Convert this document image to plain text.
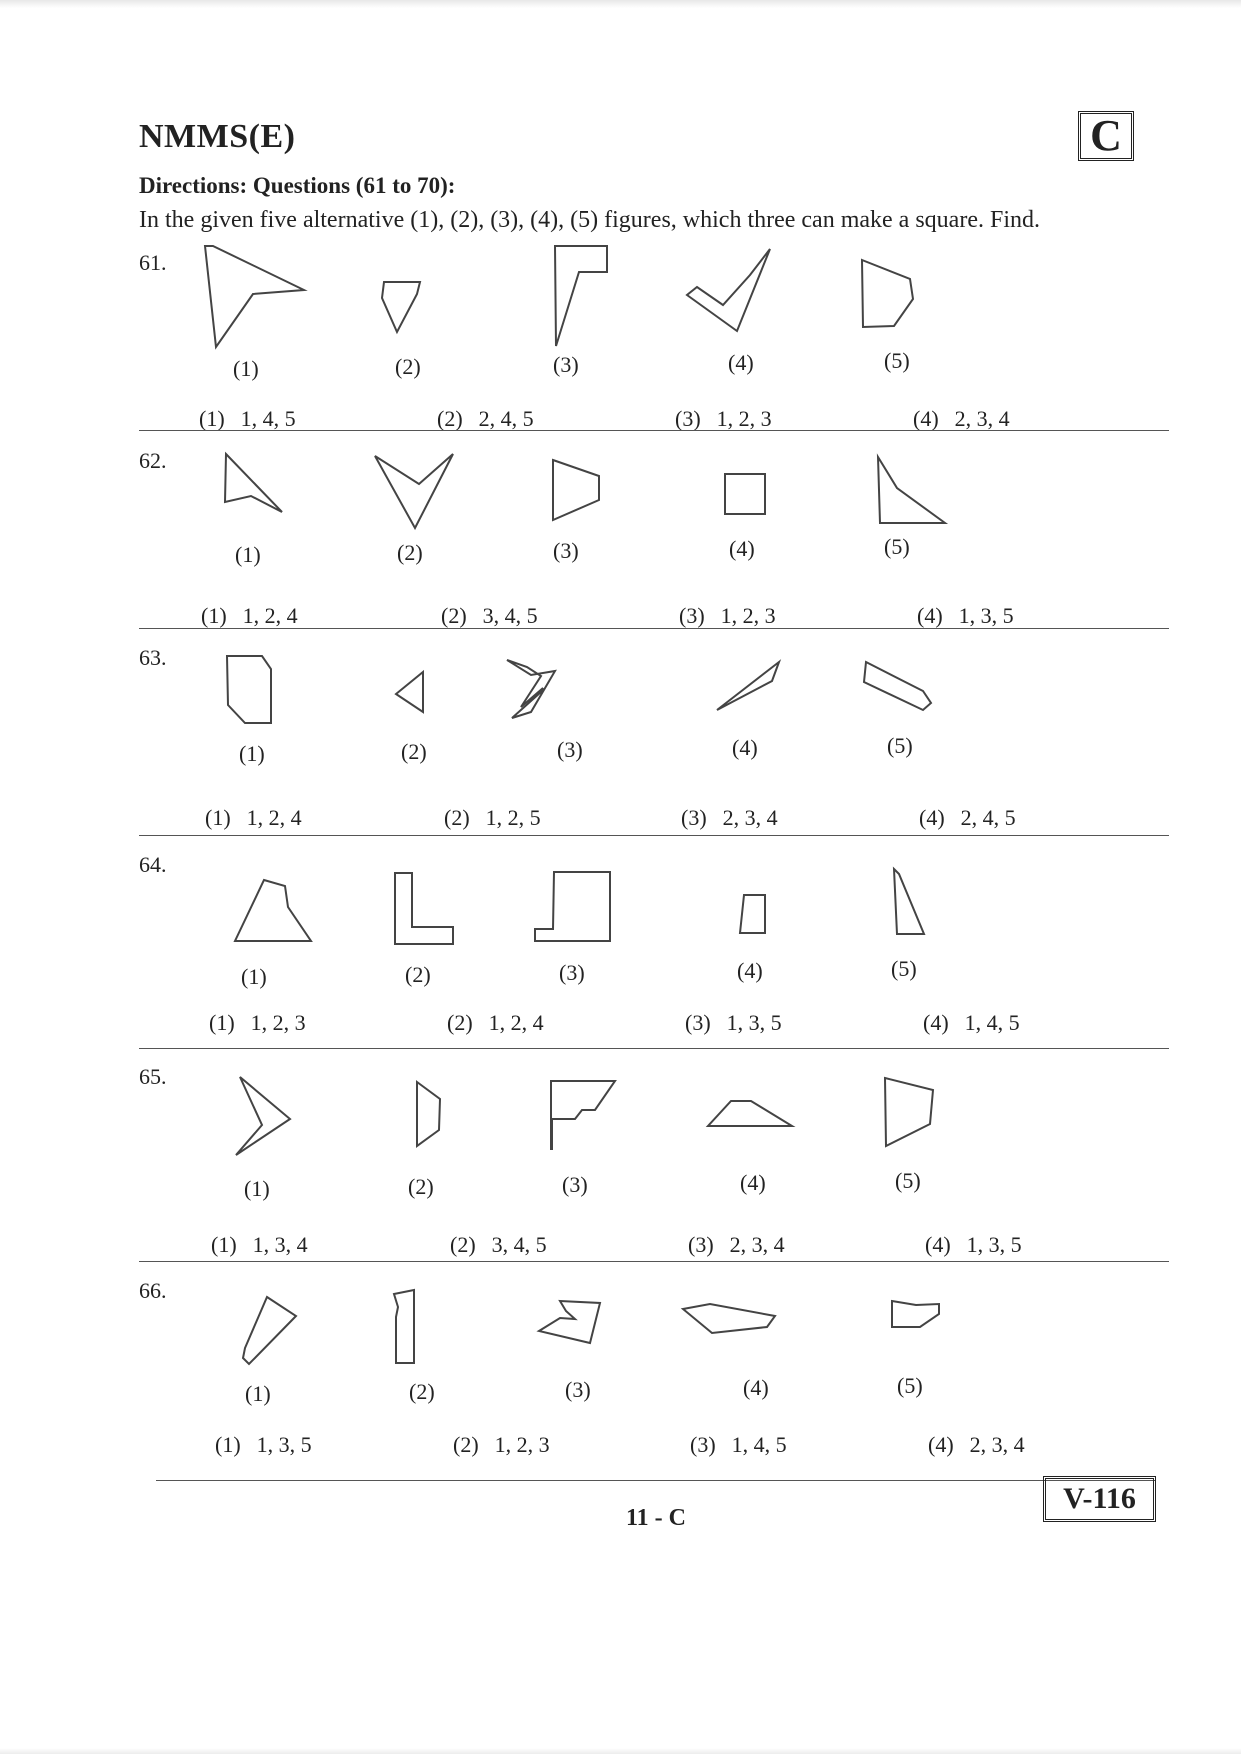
NMMS(E)	C
Directions: Questions (61 to 70):
In the given five alternative (1), (2), (3), (4), (5) figures, which three can make a square. Find.
61.
(1)	(2)	(3)	(4)	(5)
(1) 1, 4, 5	(2) 2, 4, 5	(3) 1, 2, 3	(4) 2, 3, 4
62.
(1)	(2)	(3)	(4)	(5)
(1) 1, 2, 4	(2) 3, 4, 5	(3) 1, 2, 3	(4) 1, 3, 5
63.
(1)	(2)	(3)	(4)	(5)
(1) 1, 2, 4	(2) 1, 2, 5	(3) 2, 3, 4	(4) 2, 4, 5
64.
(1)	(2)	(3)	(4)	(5)
(1) 1, 2, 3	(2) 1, 2, 4	(3) 1, 3, 5	(4) 1, 4, 5
65.
(1)	(2)	(3)	(4)	(5)
(1) 1, 3, 4	(2) 3, 4, 5	(3) 2, 3, 4	(4) 1, 3, 5
66.
(1)	(2)	(3)	(4)	(5)
(1) 1, 3, 5	(2) 1, 2, 3	(3) 1, 4, 5	(4) 2, 3, 4
11 - C
V-116
